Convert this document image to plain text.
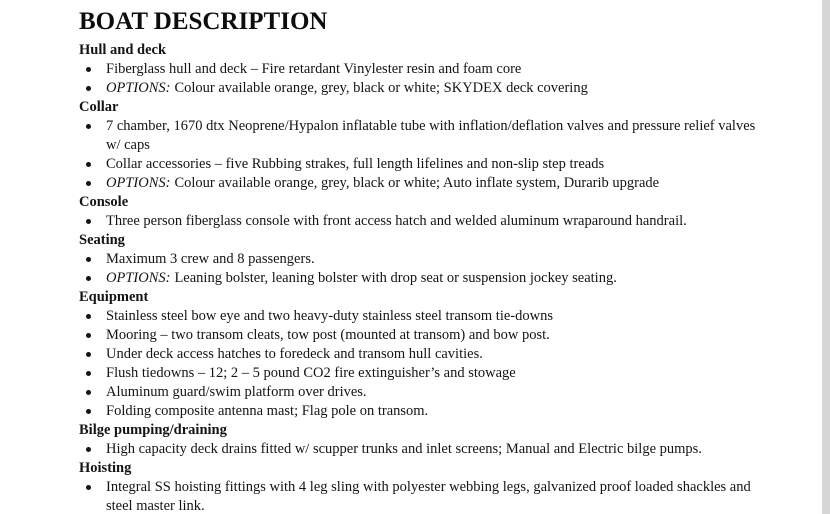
BOAT DESCRIPTION
Hull and deck
Fiberglass hull and deck – Fire retardant Vinylester resin and foam core
OPTIONS: Colour available orange, grey, black or white; SKYDEX deck covering
Collar
7 chamber, 1670 dtx Neoprene/Hypalon inflatable tube with inflation/deflation valves and pressure relief valves
w/ caps
Collar accessories – five Rubbing strakes, full length lifelines and non-slip step treads
OPTIONS: Colour available orange, grey, black or white; Auto inflate system, Durarib upgrade
Console
Three person fiberglass console with front access hatch and welded aluminum wraparound handrail.
Seating
Maximum 3 crew and 8 passengers.
OPTIONS: Leaning bolster, leaning bolster with drop seat or suspension jockey seating.
Equipment
Stainless steel bow eye and two heavy-duty stainless steel transom tie-downs
Mooring – two transom cleats, tow post (mounted at transom) and bow post.
Under deck access hatches to foredeck and transom hull cavities.
Flush tiedowns – 12; 2 – 5 pound CO2 fire extinguisher’s and stowage
Aluminum guard/swim platform over drives.
Folding composite antenna mast; Flag pole on transom.
Bilge pumping/draining
High capacity deck drains fitted w/ scupper trunks and inlet screens; Manual and Electric bilge pumps.
Hoisting
Integral SS hoisting fittings with 4 leg sling with polyester webbing legs, galvanized proof loaded shackles and
steel master link.
